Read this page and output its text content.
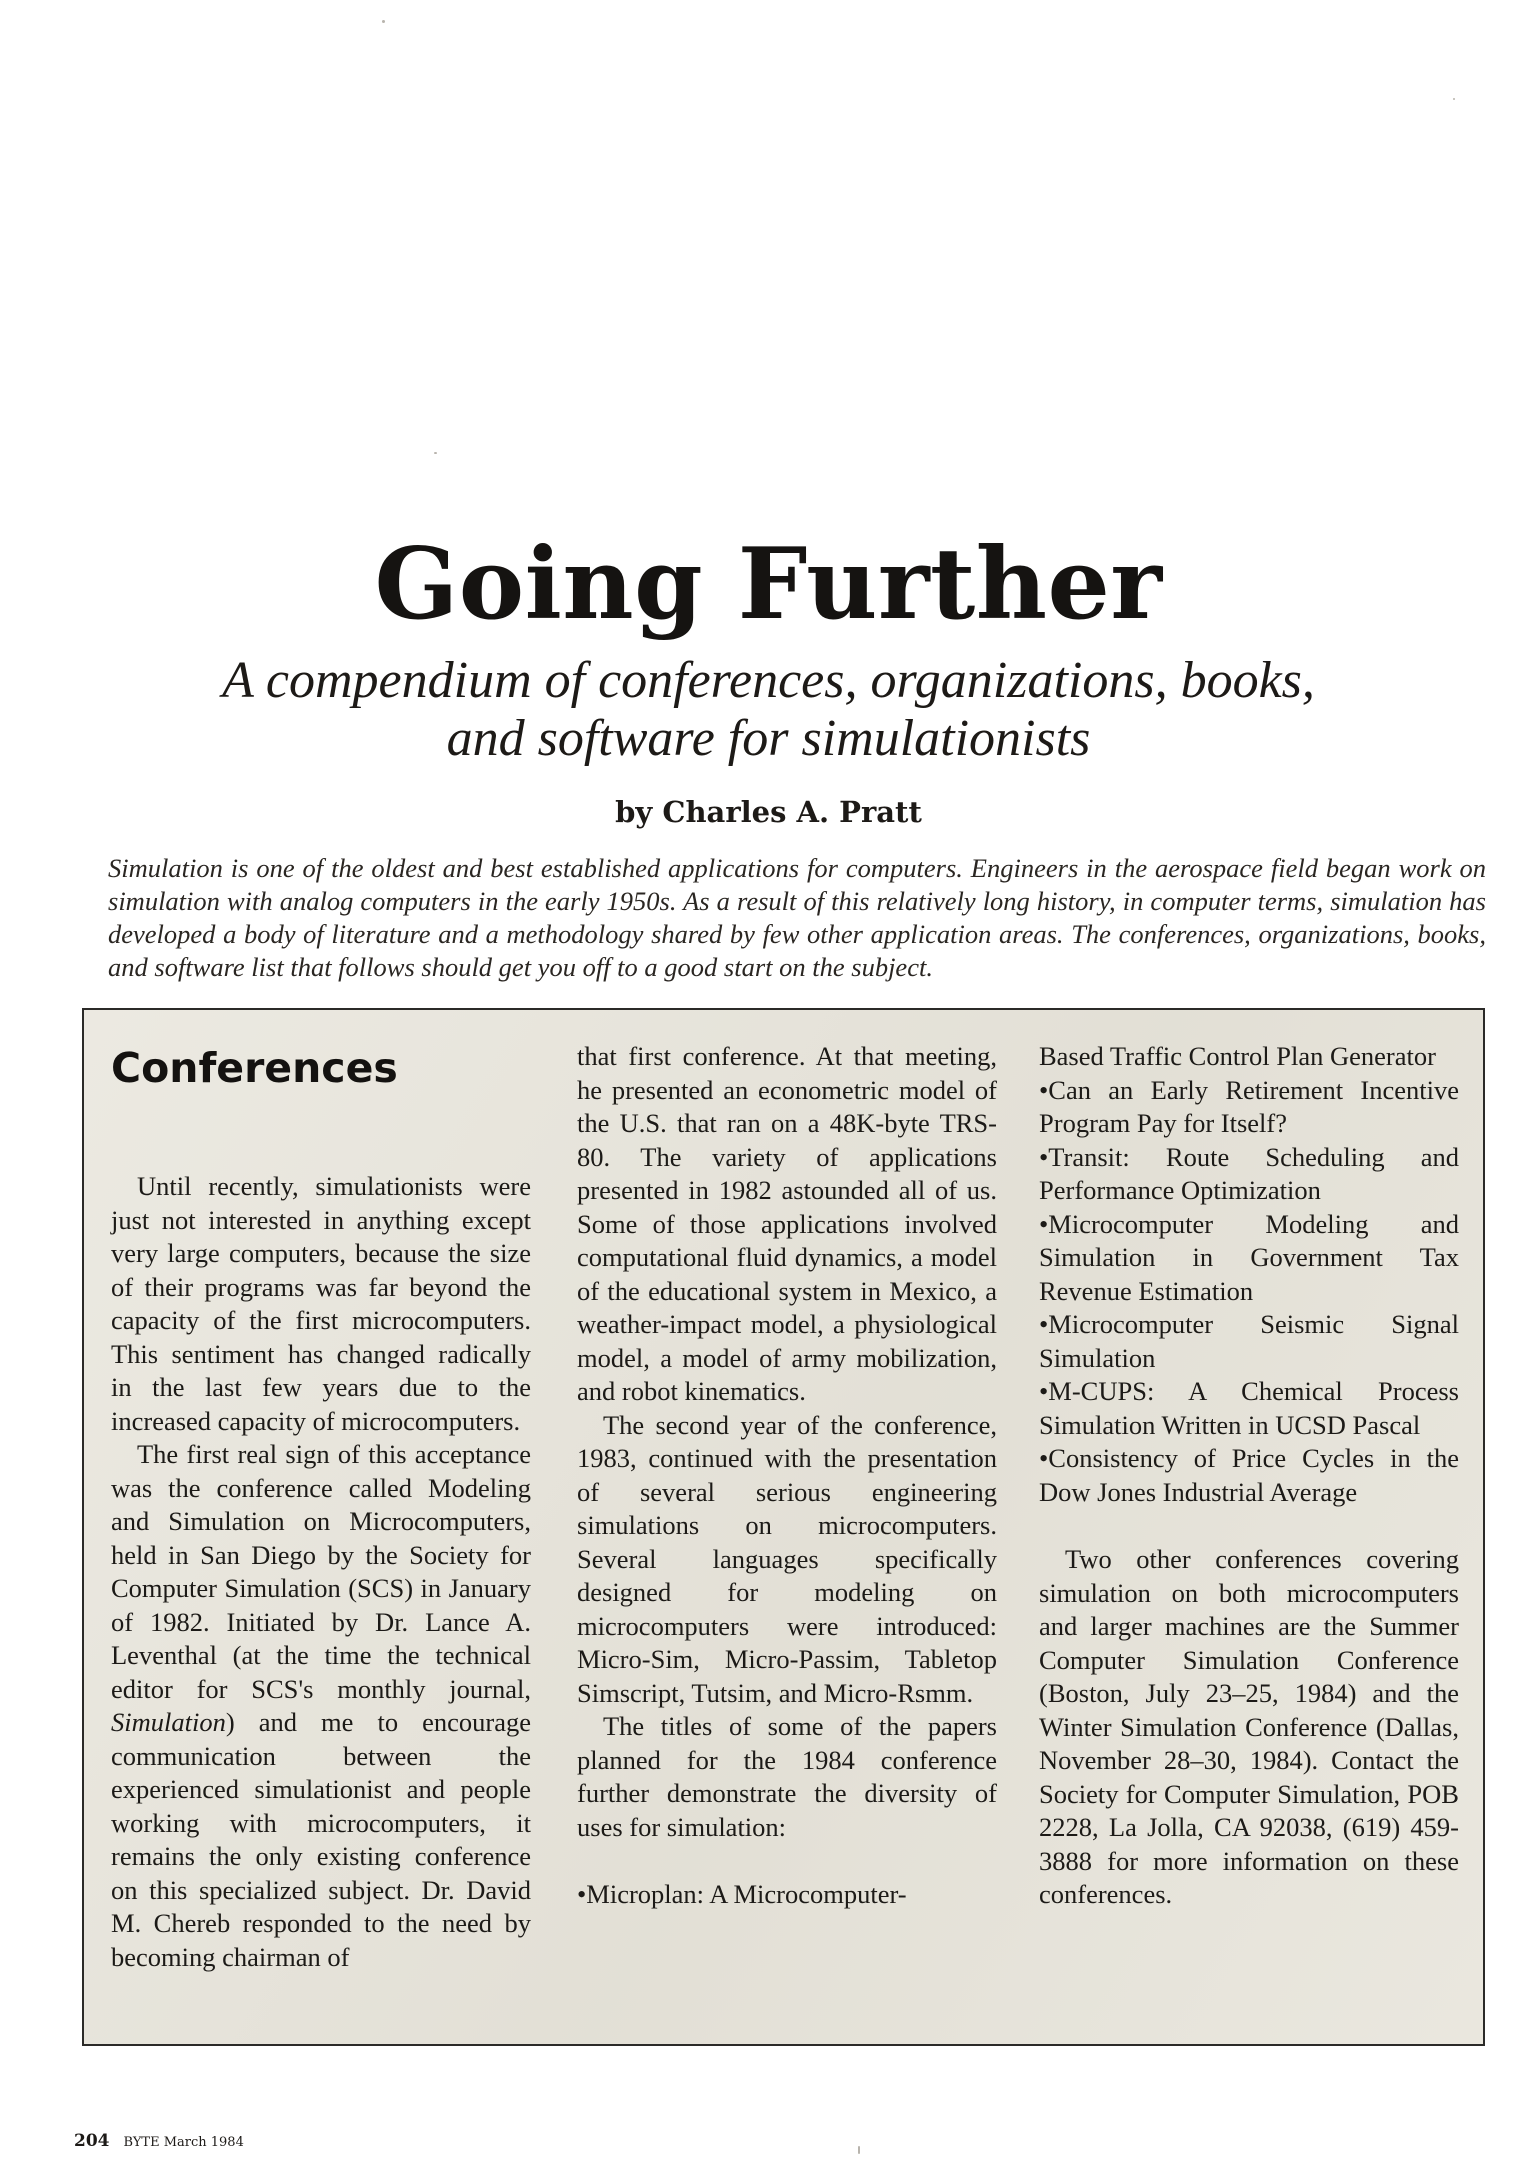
Going Further
A compendium of conferences, organizations, books,
and software for simulationists
by Charles A. Pratt

Simulation is one of the oldest and best established applications for computers. Engineers in the aerospace field began work on simulation with analog computers in the early 1950s. As a result of this relatively long history, in computer terms, simulation has developed a body of literature and a methodology shared by few other application areas. The conferences, organizations, books, and software list that follows should get you off to a good start on the subject.

Conferences

Until recently, simulationists were just not interested in anything except very large computers, because the size of their programs was far beyond the capacity of the first microcomputers. This sentiment has changed radically in the last few years due to the increased capacity of microcomputers.

The first real sign of this acceptance was the conference called Modeling and Simulation on Microcomputers, held in San Diego by the Society for Computer Simulation (SCS) in January of 1982. Initiated by Dr. Lance A. Leventhal (at the time the technical editor for SCS's monthly journal, Simulation) and me to encourage communication between the experienced simulationist and people working with microcomputers, it remains the only existing conference on this specialized subject. Dr. David M. Chereb responded to the need by becoming chairman of

that first conference. At that meeting, he presented an econometric model of the U.S. that ran on a 48K-byte TRS-80. The variety of applications presented in 1982 astounded all of us. Some of those applications involved computational fluid dynamics, a model of the educational system in Mexico, a weather-impact model, a physiological model, a model of army mobilization, and robot kinematics.

The second year of the conference, 1983, continued with the presentation of several serious engineering simulations on microcomputers. Several languages specifically designed for modeling on microcomputers were introduced: Micro-Sim, Micro-Passim, Tabletop Simscript, Tutsim, and Micro-Rsmm.

The titles of some of the papers planned for the 1984 conference further demonstrate the diversity of uses for simulation:

•Microplan: A Microcomputer-

Based Traffic Control Plan Generator

•Can an Early Retirement Incentive Program Pay for Itself?

•Transit: Route Scheduling and Performance Optimization

•Microcomputer Modeling and Simulation in Government Tax Revenue Estimation

•Microcomputer Seismic Signal Simulation

•M-CUPS: A Chemical Process Simulation Written in UCSD Pascal

•Consistency of Price Cycles in the Dow Jones Industrial Average

Two other conferences covering simulation on both microcomputers and larger machines are the Summer Computer Simulation Conference (Boston, July 23–25, 1984) and the Winter Simulation Conference (Dallas, November 28–30, 1984). Contact the Society for Computer Simulation, POB 2228, La Jolla, CA 92038, (619) 459-3888 for more information on these conferences.

204 BYTE March 1984
